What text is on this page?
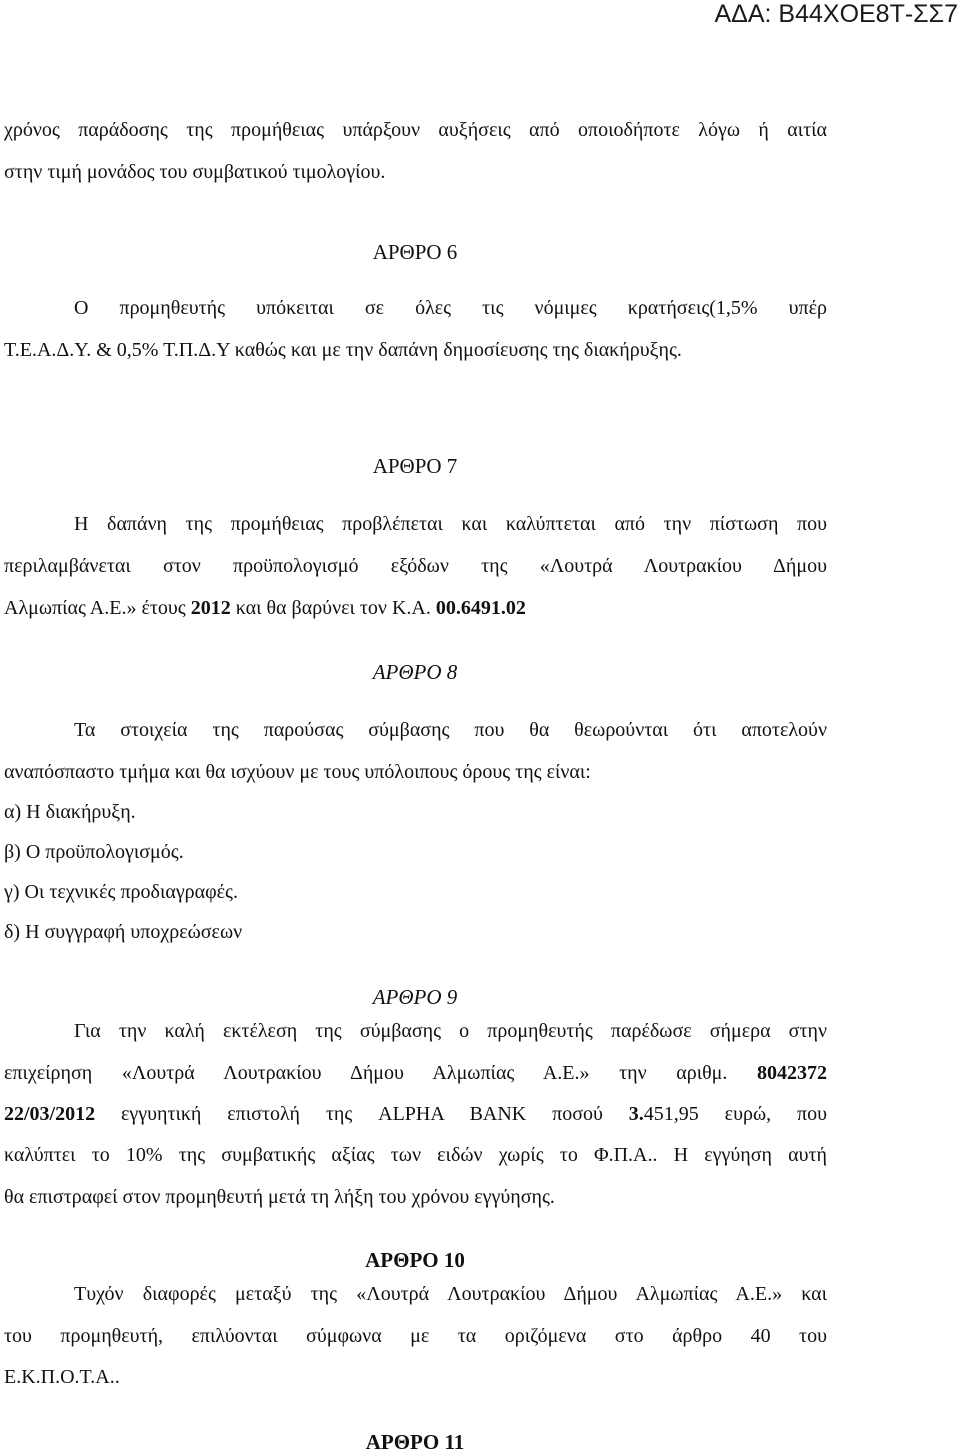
ΑΔΑ: Β44ΧΟΕ8Τ-ΣΣ7
χρόνος παράδοσης της προμήθειας υπάρξουν αυξήσεις από οποιοδήποτε λόγω ή αιτία
στην τιμή μονάδος του συμβατικού τιμολογίου.
ΑΡΘΡΟ 6
Ο προμηθευτής υπόκειται σε όλες τις νόμιμες κρατήσεις(1,5% υπέρ
Τ.Ε.Α.Δ.Υ. & 0,5% Τ.Π.Δ.Υ καθώς και με την δαπάνη δημοσίευσης της διακήρυξης.
ΑΡΘΡΟ 7
Η δαπάνη της προμήθειας προβλέπεται και καλύπτεται από την πίστωση που
περιλαμβάνεται στον προϋπολογισμό εξόδων της «Λουτρά Λουτρακίου Δήμου
Αλμωπίας Α.Ε.» έτους 2012 και θα βαρύνει τον Κ.Α. 00.6491.02
ΑΡΘΡΟ 8
Τα στοιχεία της παρούσας σύμβασης που θα θεωρούνται ότι αποτελούν
αναπόσπαστο τμήμα και θα ισχύουν με τους υπόλοιπους όρους της είναι:
α) Η διακήρυξη.
β) Ο προϋπολογισμός.
γ) Οι τεχνικές προδιαγραφές.
δ) Η συγγραφή υποχρεώσεων
ΑΡΘΡΟ 9
Για την καλή εκτέλεση της σύμβασης ο προμηθευτής παρέδωσε σήμερα στην
επιχείρηση «Λουτρά Λουτρακίου Δήμου Αλμωπίας Α.Ε.» την αριθμ. 8042372
22/03/2012 εγγυητική επιστολή της ALPHA BANK ποσού 3.451,95 ευρώ, που
καλύπτει το 10% της συμβατικής αξίας των ειδών χωρίς το Φ.Π.Α.. Η εγγύηση αυτή
θα επιστραφεί στον προμηθευτή μετά τη λήξη του χρόνου εγγύησης.
ΑΡΘΡΟ 10
Τυχόν διαφορές μεταξύ της «Λουτρά Λουτρακίου Δήμου Αλμωπίας Α.Ε.» και
του προμηθευτή, επιλύονται σύμφωνα με τα οριζόμενα στο άρθρο 40 του
Ε.Κ.Π.Ο.Τ.Α..
ΑΡΘΡΟ 11
